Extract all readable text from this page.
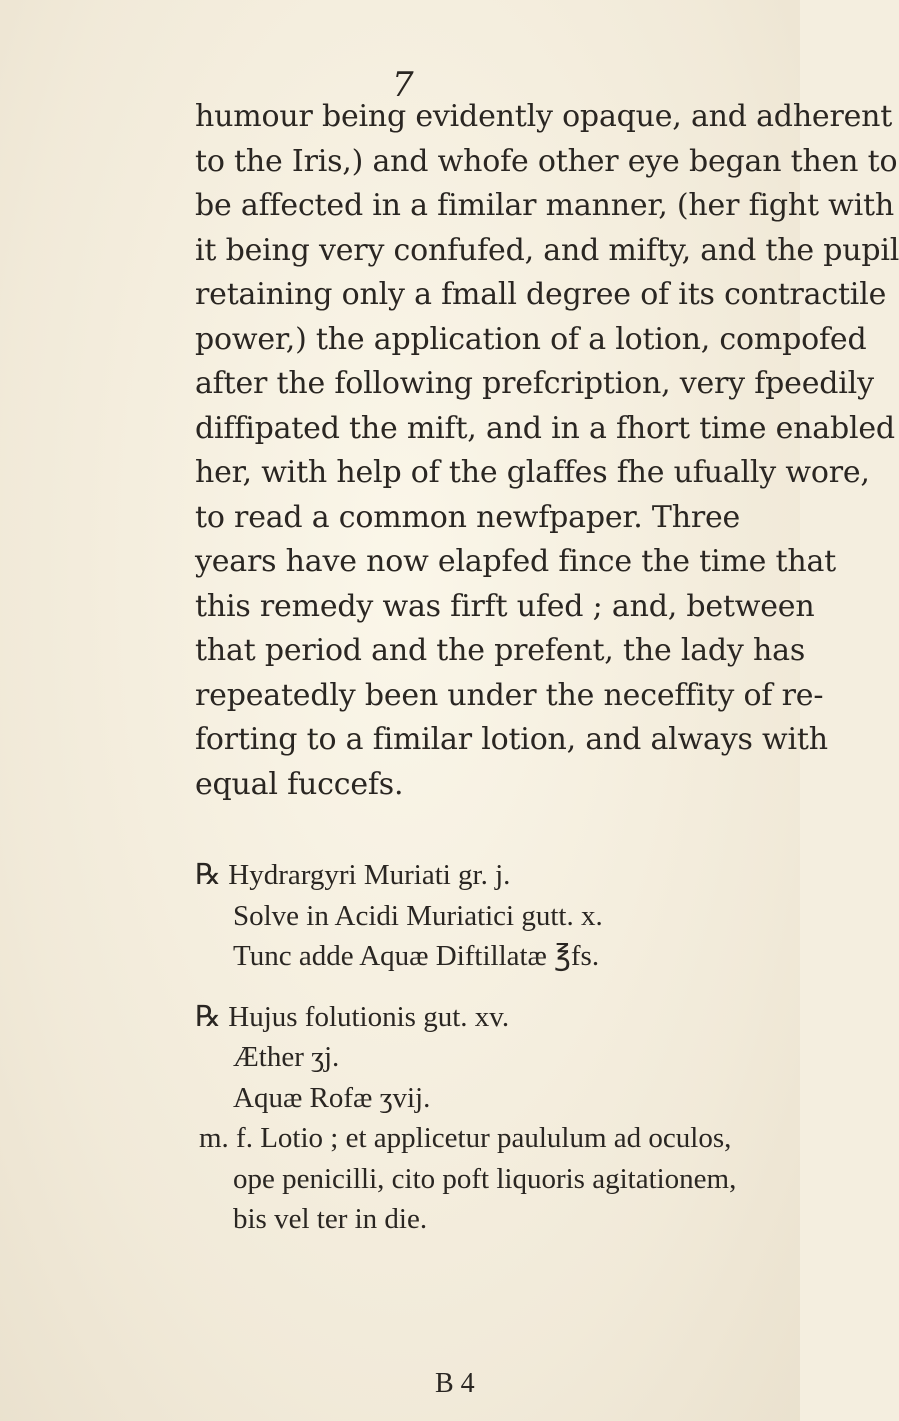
7
humour being evidently opaque, and adherent
to the Iris,) and whofe other eye began then to
be affected in a fimilar manner, (her fight with
it being very confufed, and mifty, and the pupil
retaining only a fmall degree of its contractile
power,) the application of a lotion, compofed
after the following prefcription, very fpeedily
diffipated the mift, and in a fhort time enabled
her, with help of the glaffes fhe ufually wore,
to read a common newfpaper. Three
years have now elapfed fince the time that
this remedy was firft ufed ; and, between
that period and the prefent, the lady has
repeatedly been under the neceffity of re-
forting to a fimilar lotion, and always with
equal fuccefs.
℞ Hydrargyri Muriati gr. j.
Solve in Acidi Muriatici gutt. x.
Tunc adde Aquæ Diftillatæ ℥fs.
℞ Hujus folutionis gut. xv.
Æther ʒj.
Aquæ Rofæ ʒvij.
m. f. Lotio ; et applicetur paululum ad oculos,
ope penicilli, cito poft liquoris agitationem,
bis vel ter in die.
B 4
